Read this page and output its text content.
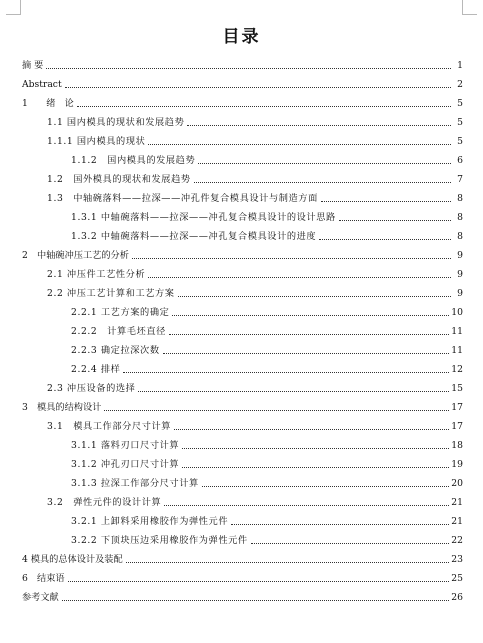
目录
摘 要	1
Abstract	2
1　　绪　论	5
1.1 国内模具的现状和发展趋势	5
1.1.1 国内模具的现状	5
1.1.2　国内模具的发展趋势	6
1.2　国外模具的现状和发展趋势	7
1.3　中轴碗落料——拉深——冲孔件复合模具设计与制造方面	8
1.3.1 中轴碗落料——拉深——冲孔复合模具设计的设计思路	8
1.3.2 中轴碗落料——拉深——冲孔复合模具设计的进度	8
2　中轴碗冲压工艺的分析	9
2.1 冲压件工艺性分析	9
2.2 冲压工艺计算和工艺方案	9
2.2.1 工艺方案的确定	10
2.2.2　计算毛坯直径	11
2.2.3 确定拉深次数	11
2.2.4 排样	12
2.3 冲压设备的选择	15
3　模具的结构设计	17
3.1　模具工作部分尺寸计算	17
3.1.1 落料刃口尺寸计算	18
3.1.2 冲孔刃口尺寸计算	19
3.1.3 拉深工作部分尺寸计算	20
3.2　弹性元件的设计计算	21
3.2.1 上卸料采用橡胶作为弹性元件	21
3.2.2 下顶块压边采用橡胶作为弹性元件	22
4 模具的总体设计及装配	23
6　结束语	25
参考文献	26
